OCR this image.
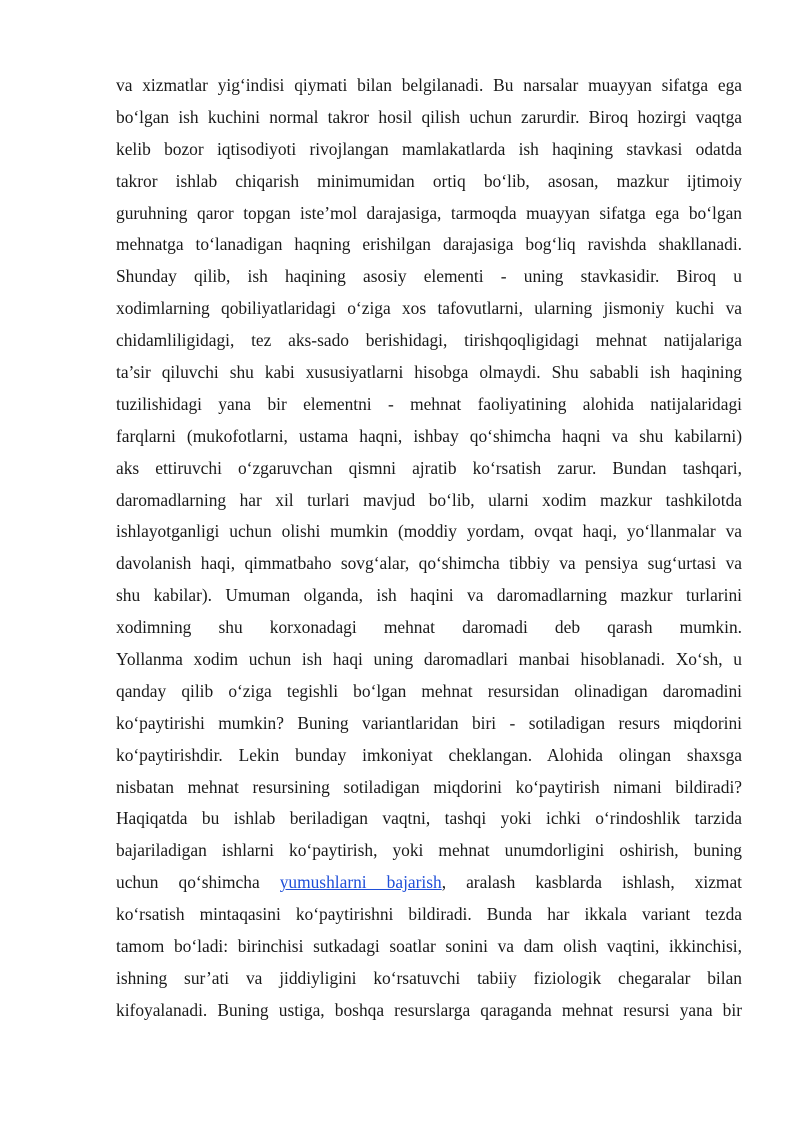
va xizmatlar yig‘indisi qiymati bilan belgilanadi. Bu narsalar muayyan sifatga ega
bo‘lgan ish kuchini normal takror hosil qilish uchun zarurdir. Biroq hozirgi vaqtga
kelib bozor iqtisodiyoti rivojlangan mamlakatlarda ish haqining stavkasi odatda
takror ishlab chiqarish minimumidan ortiq bo‘lib, asosan, mazkur ijtimoiy
guruhning qaror topgan iste’mol darajasiga, tarmoqda muayyan sifatga ega bo‘lgan
mehnatga to‘lanadigan haqning erishilgan darajasiga bog‘liq ravishda shakllanadi.
Shunday qilib, ish haqining asosiy elementi - uning stavkasidir. Biroq u
xodimlarning qobiliyatlaridagi o‘ziga xos tafovutlarni, ularning jismoniy kuchi va
chidamliligidagi, tez aks-sado berishidagi, tirishqoqligidagi mehnat natijalariga
ta’sir qiluvchi shu kabi xususiyatlarni hisobga olmaydi. Shu sababli ish haqining
tuzilishidagi yana bir elementni - mehnat faoliyatining alohida natijalaridagi
farqlarni (mukofotlarni, ustama haqni, ishbay qo‘shimcha haqni va shu kabilarni)
aks ettiruvchi o‘zgaruvchan qismni ajratib ko‘rsatish zarur. Bundan tashqari,
daromadlarning har xil turlari mavjud bo‘lib, ularni xodim mazkur tashkilotda
ishlayotganligi uchun olishi mumkin (moddiy yordam, ovqat haqi, yo‘llanmalar va
davolanish haqi, qimmatbaho sovg‘alar, qo‘shimcha tibbiy va pensiya sug‘urtasi va
shu kabilar). Umuman olganda, ish haqini va daromadlarning mazkur turlarini
xodimning shu korxonadagi mehnat daromadi deb qarash mumkin.
Yollanma xodim uchun ish haqi uning daromadlari manbai hisoblanadi. Xo‘sh, u
qanday qilib o‘ziga tegishli bo‘lgan mehnat resursidan olinadigan daromadini
ko‘paytirishi mumkin? Buning variantlaridan biri - sotiladigan resurs miqdorini
ko‘paytirishdir. Lekin bunday imkoniyat cheklangan. Alohida olingan shaxsga
nisbatan mehnat resursining sotiladigan miqdorini ko‘paytirish nimani bildiradi?
Haqiqatda bu ishlab beriladigan vaqtni, tashqi yoki ichki o‘rindoshlik tarzida
bajariladigan ishlarni ko‘paytirish, yoki mehnat unumdorligini oshirish, buning
uchun qo‘shimcha yumushlarni bajarish, aralash kasblarda ishlash, xizmat
ko‘rsatish mintaqasini ko‘paytirishni bildiradi. Bunda har ikkala variant tezda
tamom bo‘ladi: birinchisi sutkadagi soatlar sonini va dam olish vaqtini, ikkinchisi,
ishning sur’ati va jiddiyligini ko‘rsatuvchi tabiiy fiziologik chegaralar bilan
kifoyalanadi. Buning ustiga, boshqa resurslarga qaraganda mehnat resursi yana bir
